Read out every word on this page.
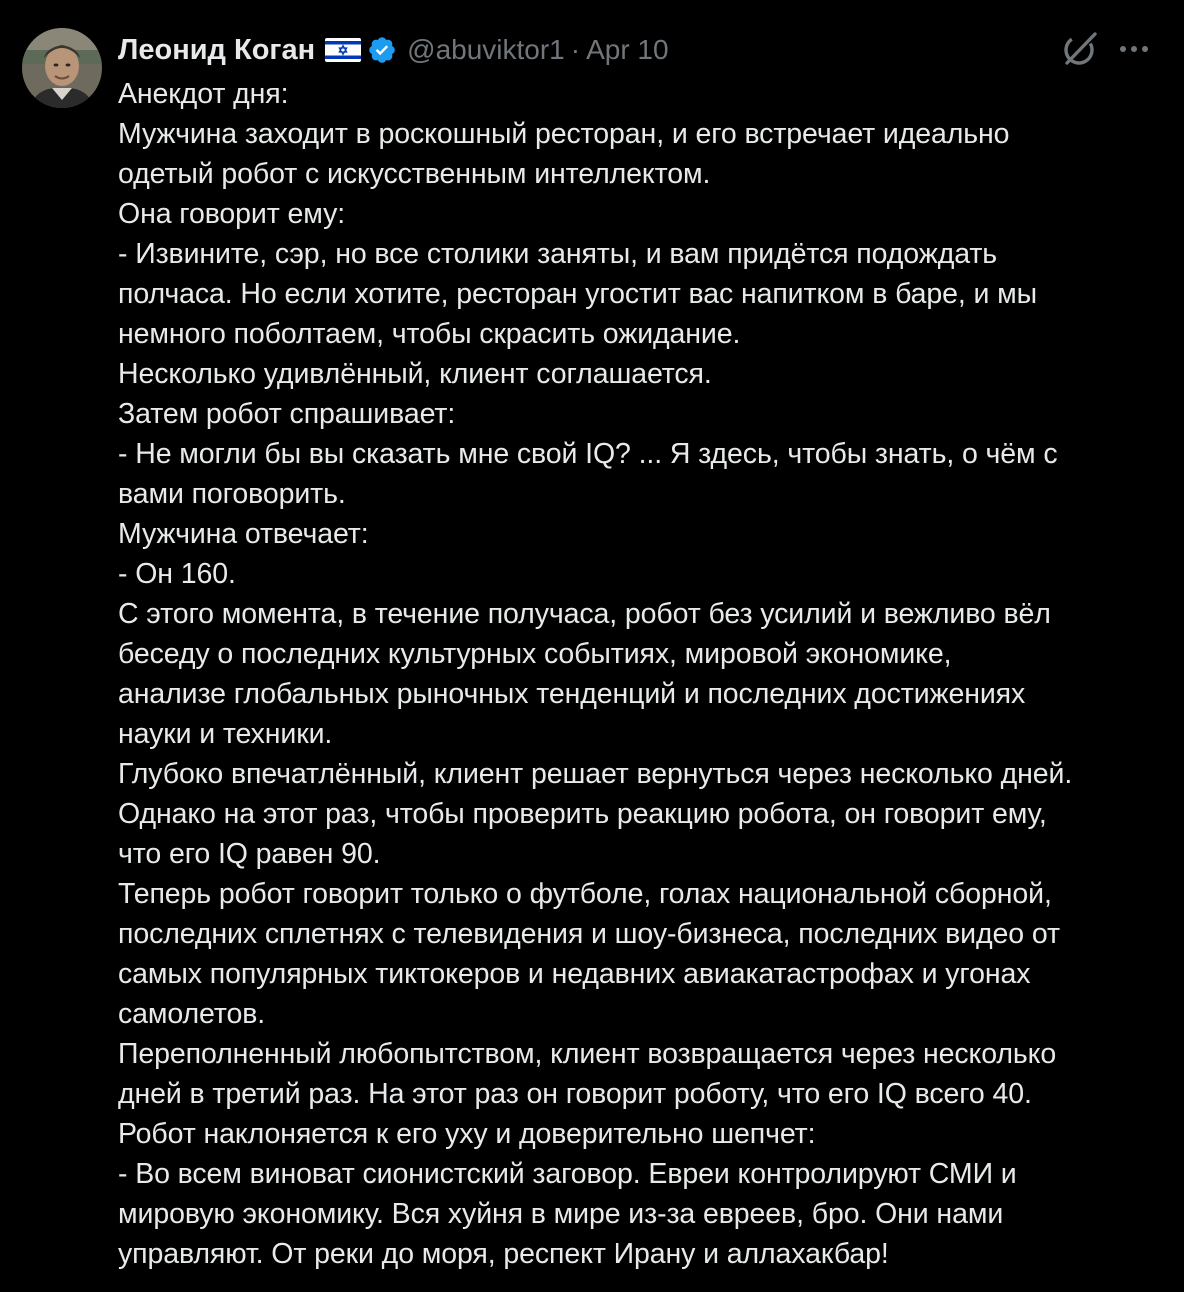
Леонид Коган	@abuviktor1 · Apr 10
Анекдот дня:
Мужчина заходит в роскошный ресторан, и его встречает идеально
одетый робот с искусственным интеллектом.
Она говорит ему:
- Извините, сэр, но все столики заняты, и вам придётся подождать
полчаса. Но если хотите, ресторан угостит вас напитком в баре, и мы
немного поболтаем, чтобы скрасить ожидание.
Несколько удивлённый, клиент соглашается.
Затем робот спрашивает:
- Не могли бы вы сказать мне свой IQ? ... Я здесь, чтобы знать, о чём с
вами поговорить.
Мужчина отвечает:
- Он 160.
С этого момента, в течение получаса, робот без усилий и вежливо вёл
беседу о последних культурных событиях, мировой экономике,
анализе глобальных рыночных тенденций и последних достижениях
науки и техники.
Глубоко впечатлённый, клиент решает вернуться через несколько дней.
Однако на этот раз, чтобы проверить реакцию робота, он говорит ему,
что его IQ равен 90.
Теперь робот говорит только о футболе, голах национальной сборной,
последних сплетнях с телевидения и шоу-бизнеса, последних видео от
самых популярных тиктокеров и недавних авиакатастрофах и угонах
самолетов.
Переполненный любопытством, клиент возвращается через несколько
дней в третий раз. На этот раз он говорит роботу, что его IQ всего 40.
Робот наклоняется к его уху и доверительно шепчет:
- Во всем виноват сионистский заговор. Евреи контролируют СМИ и
мировую экономику. Вся хуйня в мире из-за евреев, бро. Они нами
управляют. От реки до моря, респект Ирану и аллахакбар!
